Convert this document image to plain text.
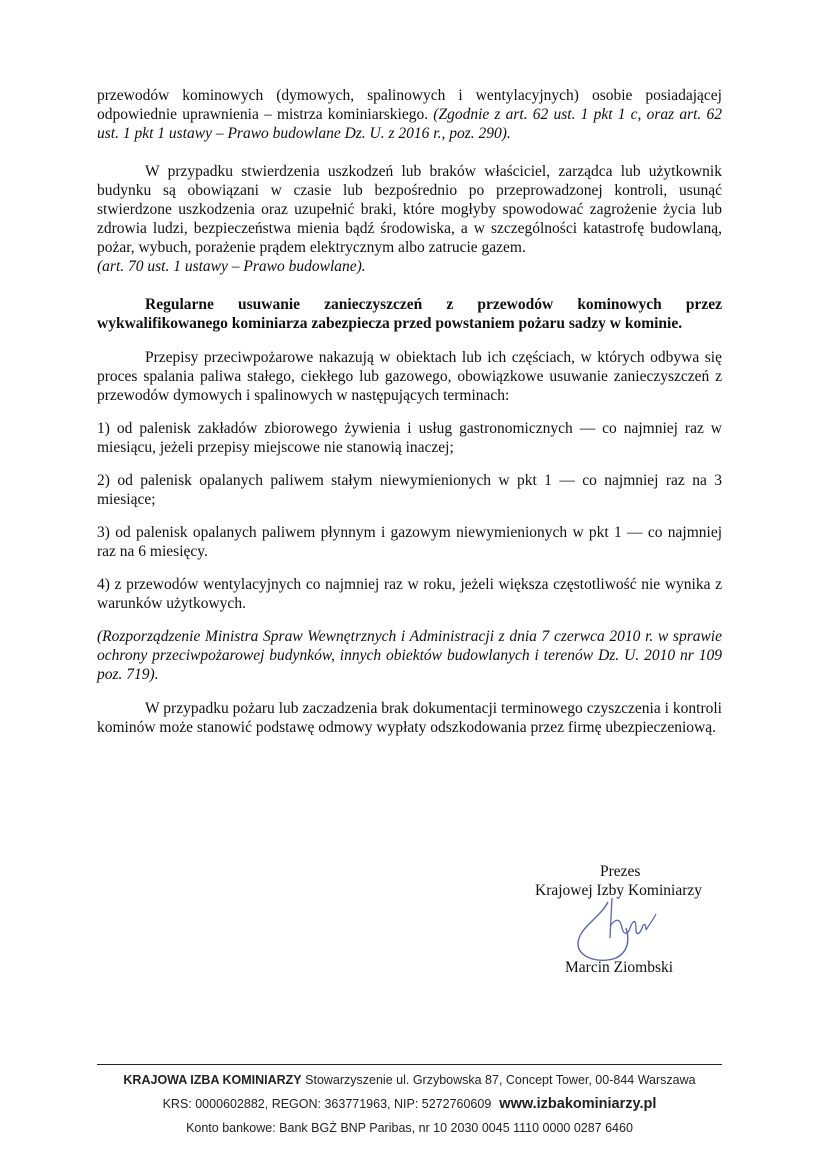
przewodów kominowych (dymowych, spalinowych i wentylacyjnych) osobie posiadającej odpowiednie uprawnienia – mistrza kominiarskiego. (Zgodnie z art. 62 ust. 1 pkt 1 c, oraz art. 62 ust. 1 pkt 1 ustawy – Prawo budowlane Dz. U. z 2016 r., poz. 290).

W przypadku stwierdzenia uszkodzeń lub braków właściciel, zarządca lub użytkownik budynku są obowiązani w czasie lub bezpośrednio po przeprowadzonej kontroli, usunąć stwierdzone uszkodzenia oraz uzupełnić braki, które mogłyby spowodować zagrożenie życia lub zdrowia ludzi, bezpieczeństwa mienia bądź środowiska, a w szczególności katastrofę budowlaną, pożar, wybuch, porażenie prądem elektrycznym albo zatrucie gazem.
(art. 70 ust. 1 ustawy – Prawo budowlane).

Regularne usuwanie zanieczyszczeń z przewodów kominowych przez wykwalifikowanego kominiarza zabezpiecza przed powstaniem pożaru sadzy w kominie.

Przepisy przeciwpożarowe nakazują w obiektach lub ich częściach, w których odbywa się proces spalania paliwa stałego, ciekłego lub gazowego, obowiązkowe usuwanie zanieczyszczeń z przewodów dymowych i spalinowych w następujących terminach:

1) od palenisk zakładów zbiorowego żywienia i usług gastronomicznych — co najmniej raz w miesiącu, jeżeli przepisy miejscowe nie stanowią inaczej;

2) od palenisk opalanych paliwem stałym niewymienionych w pkt 1 — co najmniej raz na 3 miesiące;

3) od palenisk opalanych paliwem płynnym i gazowym niewymienionych w pkt 1 — co najmniej raz na 6 miesięcy.

4) z przewodów wentylacyjnych co najmniej raz w roku, jeżeli większa częstotliwość nie wynika z warunków użytkowych.

(Rozporządzenie Ministra Spraw Wewnętrznych i Administracji z dnia 7 czerwca 2010 r. w sprawie ochrony przeciwpożarowej budynków, innych obiektów budowlanych i terenów Dz. U. 2010 nr 109 poz. 719).

W przypadku pożaru lub zaczadzenia brak dokumentacji terminowego czyszczenia i kontroli kominów może stanowić podstawę odmowy wypłaty odszkodowania przez firmę ubezpieczeniową.

Prezes
Krajowej Izby Kominiarzy
Marcin Ziombski
KRAJOWA IZBA KOMINIARZY Stowarzyszenie ul. Grzybowska 87, Concept Tower, 00-844 Warszawa
KRS: 0000602882, REGON: 363771963, NIP: 5272760609 www.izbakominiarzy.pl
Konto bankowe: Bank BGŻ BNP Paribas, nr 10 2030 0045 1110 0000 0287 6460
